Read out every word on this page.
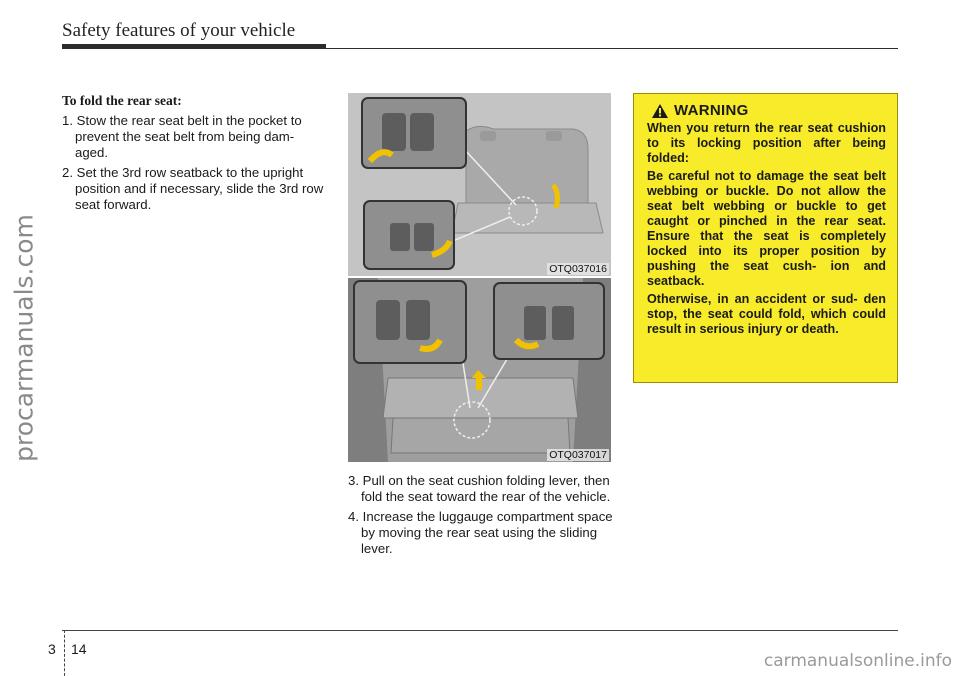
Safety features of your vehicle
procarmanuals.com
To fold the rear seat:
1. Stow the rear seat belt in the pocket to prevent the seat belt from being dam- aged.
2. Set the 3rd row seatback to the upright position and if necessary, slide the 3rd row seat forward.
OTQ037016
OTQ037017
3. Pull on the seat cushion folding lever, then fold the seat toward the rear of the vehicle.
4. Increase the luggauge compartment space by moving the rear seat using the sliding lever.
WARNING

When you return the rear seat cushion to its locking position after being folded:

Be careful not to damage the seat belt webbing or buckle. Do not allow the seat belt webbing or buckle to get caught or pinched in the rear seat. Ensure that the seat is completely locked into its proper position by pushing the seat cush- ion and seatback.

Otherwise, in an accident or sud- den stop, the seat could fold, which could result in serious injury or death.

3 14
carmanualsonline.info
